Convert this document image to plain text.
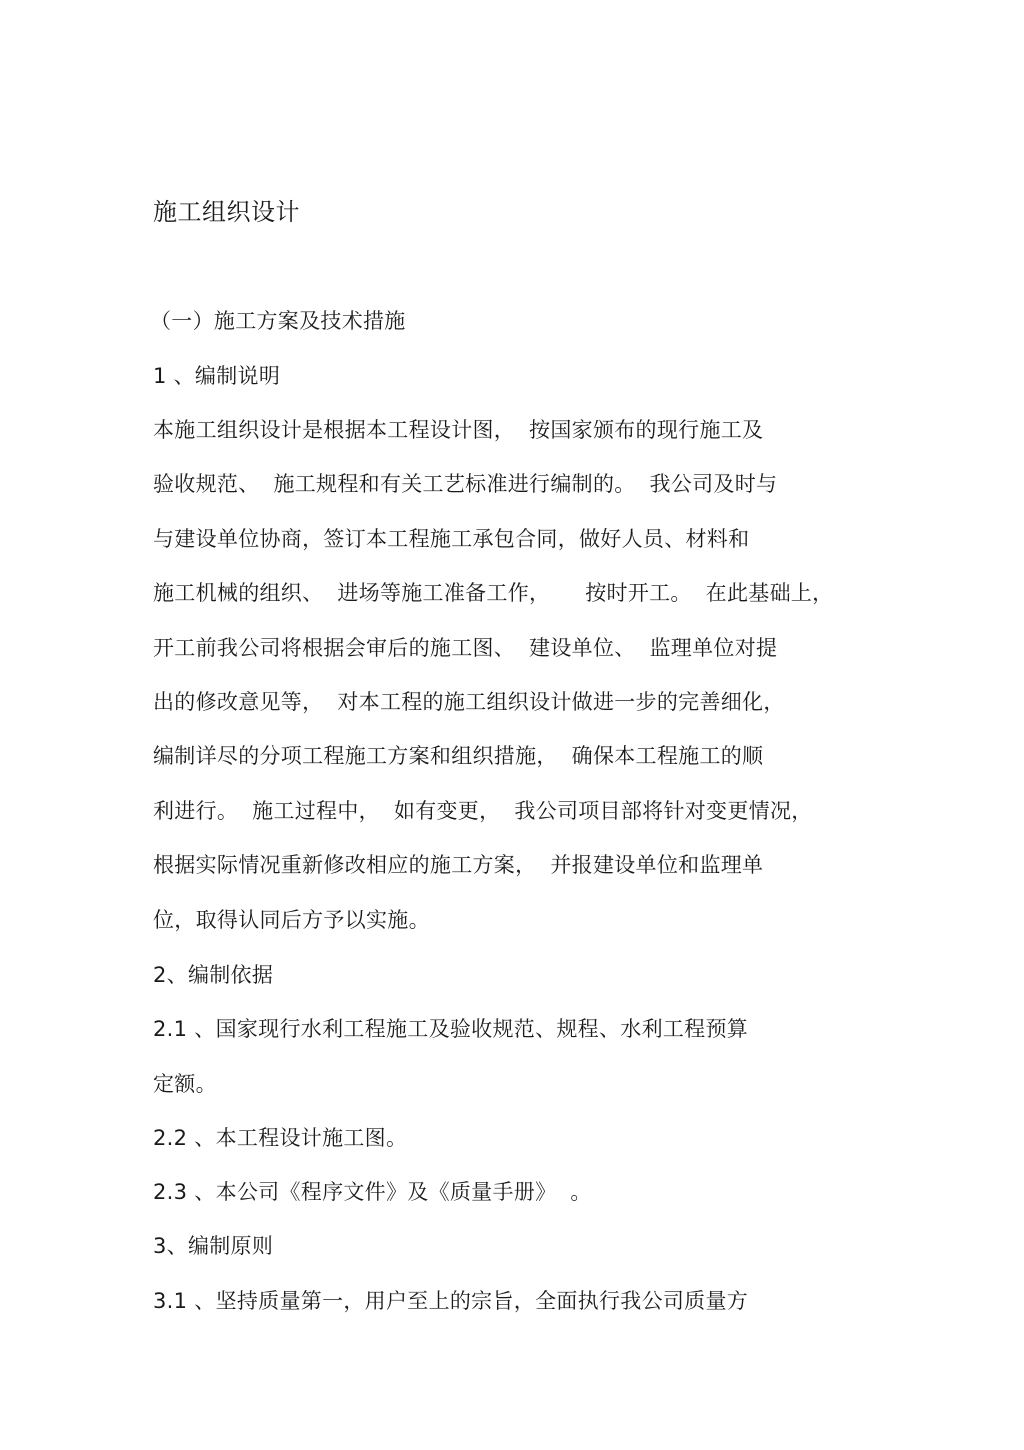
施工组织设计
（一）施工方案及技术措施
1 、编制说明
本施工组织设计是根据本工程设计图，  按国家颁布的现行施工及
验收规范、  施工规程和有关工艺标准进行编制的。  我公司及时与
与建设单位协商，签订本工程施工承包合同，做好人员、材料和
施工机械的组织、  进场等施工准备工作，     按时开工。  在此基础上，
开工前我公司将根据会审后的施工图、  建设单位、  监理单位对提
出的修改意见等，  对本工程的施工组织设计做进一步的完善细化，
编制详尽的分项工程施工方案和组织措施，  确保本工程施工的顺
利进行。  施工过程中，  如有变更，  我公司项目部将针对变更情况，
根据实际情况重新修改相应的施工方案，  并报建设单位和监理单
位，取得认同后方予以实施。
2、编制依据
2.1 、国家现行水利工程施工及验收规范、规程、水利工程预算
定额。
2.2 、本工程设计施工图。
2.3 、本公司《程序文件》及《质量手册》  。
3、编制原则
3.1 、坚持质量第一，用户至上的宗旨，全面执行我公司质量方
